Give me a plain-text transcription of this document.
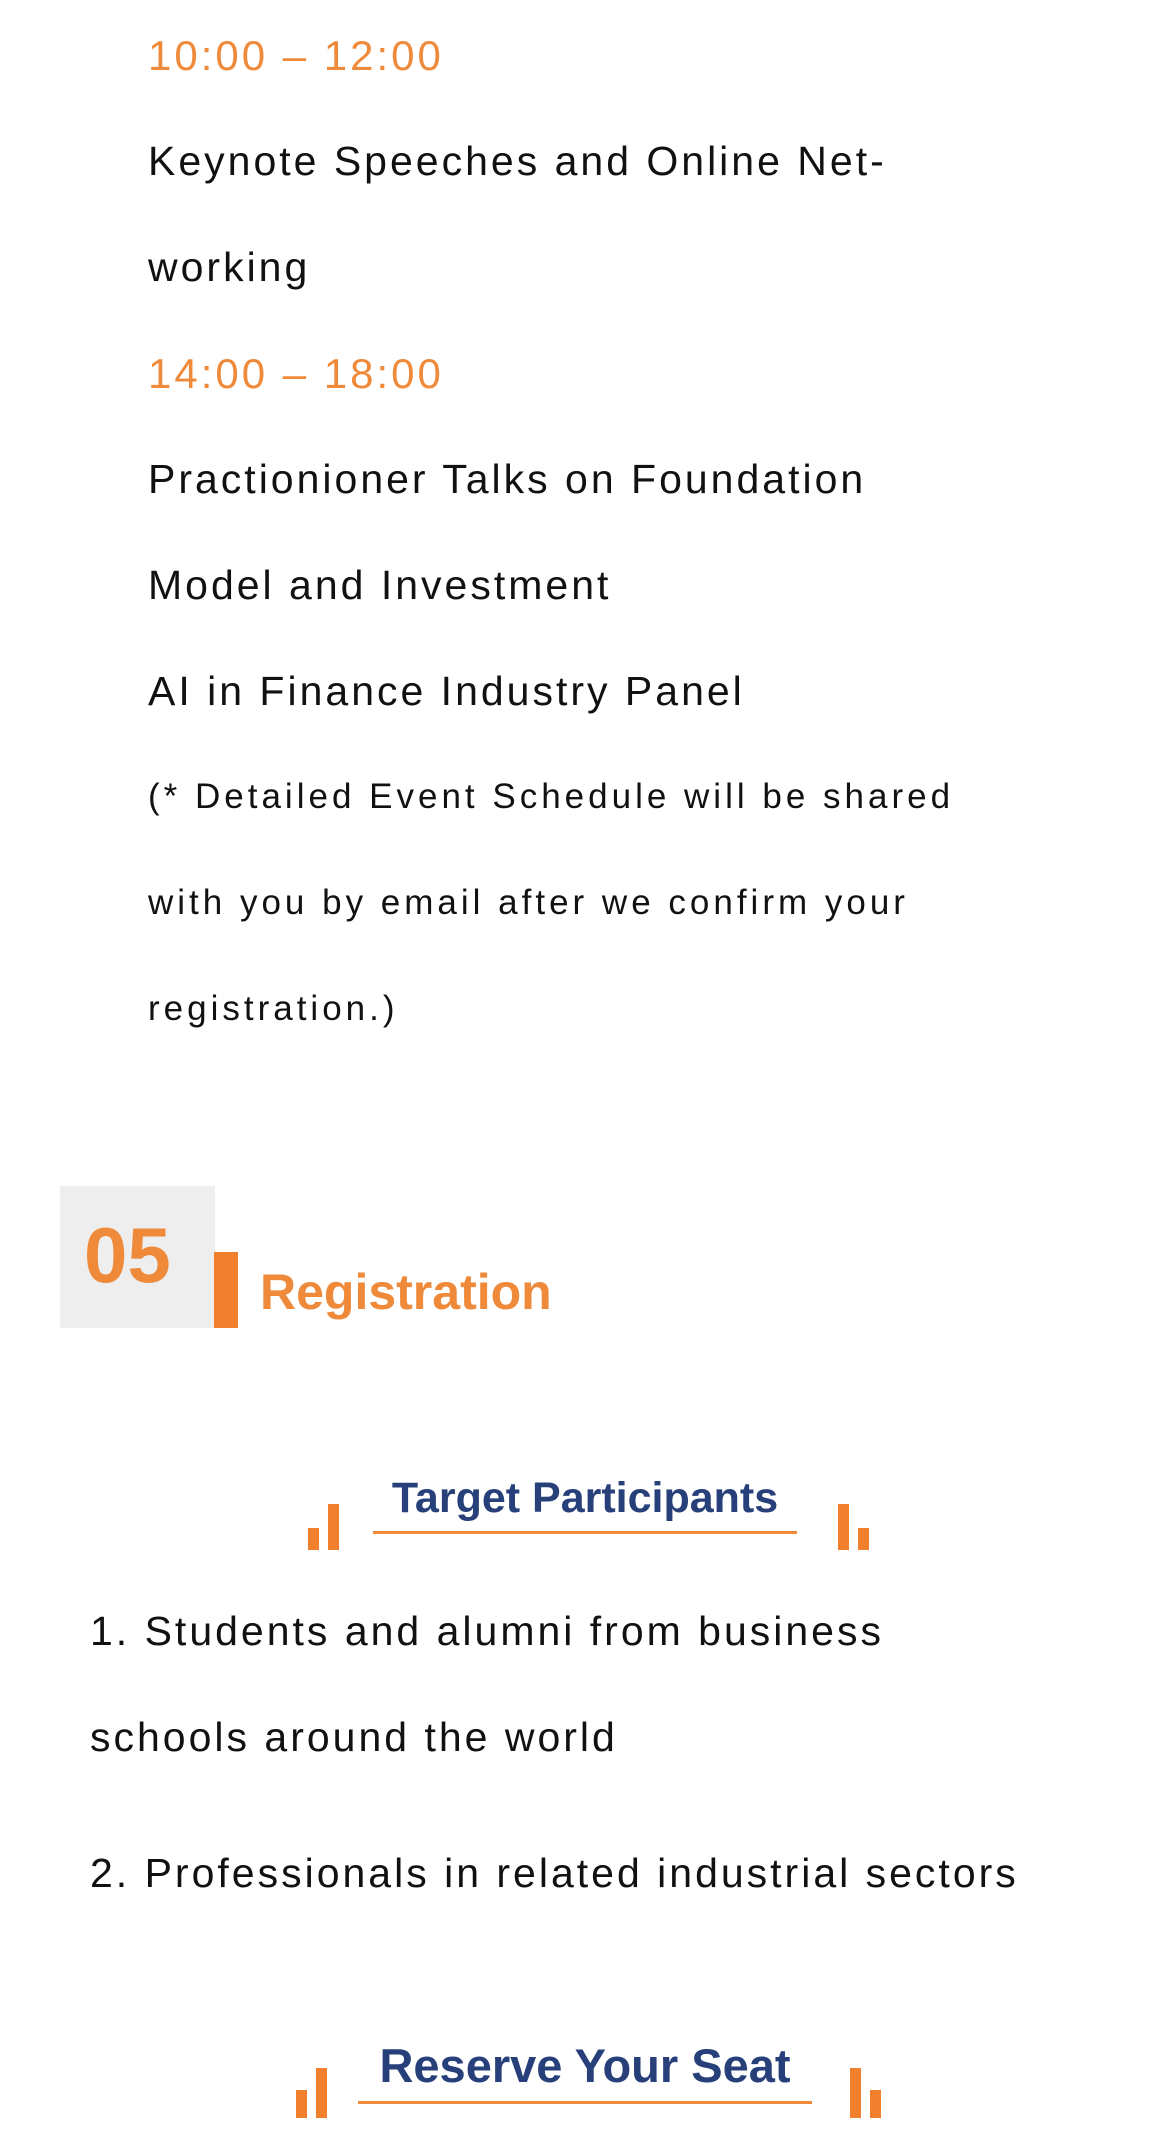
10:00 – 12:00
Keynote Speeches and Online Net-
working
14:00 – 18:00
Practionioner Talks on Foundation
Model and Investment
AI in Finance Industry Panel
(* Detailed Event Schedule will be shared
with you by email after we confirm your
registration.)
05 Registration
Target Participants
1. Students and alumni from business
schools around the world
2. Professionals in related industrial sectors
Reserve Your Seat
